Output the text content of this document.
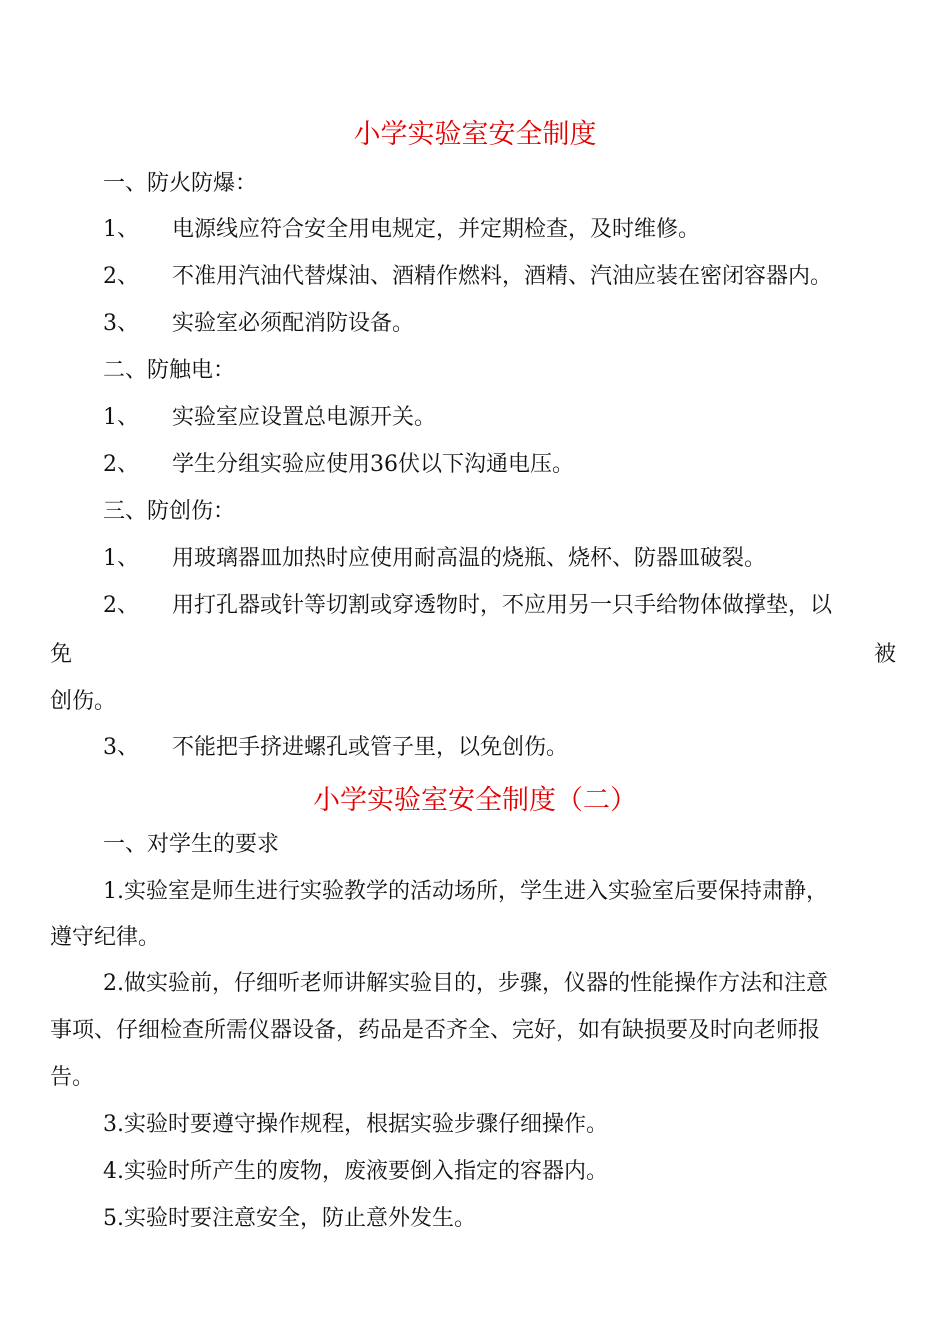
小学实验室安全制度
一、防火防爆：
1、 电源线应符合安全用电规定，并定期检查，及时维修。
2、 不准用汽油代替煤油、酒精作燃料，酒精、汽油应装在密闭容器内。
3、 实验室必须配消防设备。
二、防触电：
1、 实验室应设置总电源开关。
2、 学生分组实验应使用36伏以下沟通电压。
三、防创伤：
1、 用玻璃器皿加热时应使用耐高温的烧瓶、烧杯、防器皿破裂。
2、 用打孔器或针等切割或穿透物时，不应用另一只手给物体做撑垫，以
免	被
创伤。
3、 不能把手挤进螺孔或管子里，以免创伤。
小学实验室安全制度（二）
一、对学生的要求
1.实验室是师生进行实验教学的活动场所，学生进入实验室后要保持肃静，
遵守纪律。
2.做实验前，仔细听老师讲解实验目的，步骤，仪器的性能操作方法和注意
事项、仔细检查所需仪器设备，药品是否齐全、完好，如有缺损要及时向老师报
告。
3.实验时要遵守操作规程，根据实验步骤仔细操作。
4.实验时所产生的废物，废液要倒入指定的容器内。
5.实验时要注意安全，防止意外发生。
